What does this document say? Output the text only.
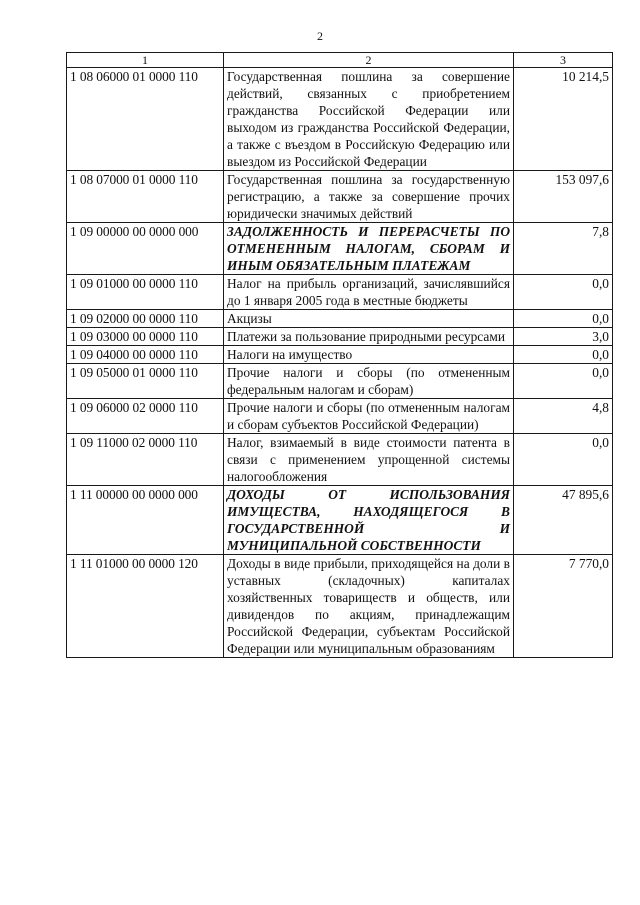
2
1	2	3
1 08 06000 01 0000 110	Государственная пошлина за совершение действий, связанных с приобретением гражданства Российской Федерации или выходом из гражданства Российской Федерации, а также с въездом в Российскую Федерацию или выездом из Российской Федерации	10 214,5
1 08 07000 01 0000 110	Государственная пошлина за государственную регистрацию, а также за совершение прочих юридически значимых действий	153 097,6
1 09 00000 00 0000 000	ЗАДОЛЖЕННОСТЬ И ПЕРЕРАСЧЕТЫ ПО ОТМЕНЕННЫМ НАЛОГАМ, СБОРАМ И ИНЫМ ОБЯЗАТЕЛЬНЫМ ПЛАТЕЖАМ	7,8
1 09 01000 00 0000 110	Налог на прибыль организаций, зачислявшийся до 1 января 2005 года в местные бюджеты	0,0
1 09 02000 00 0000 110	Акцизы	0,0
1 09 03000 00 0000 110	Платежи за пользование природными ресурсами	3,0
1 09 04000 00 0000 110	Налоги на имущество	0,0
1 09 05000 01 0000 110	Прочие налоги и сборы (по отмененным федеральным налогам и сборам)	0,0
1 09 06000 02 0000 110	Прочие налоги и сборы (по отмененным налогам и сборам субъектов Российской Федерации)	4,8
1 09 11000 02 0000 110	Налог, взимаемый в виде стоимости патента в связи с применением упрощенной системы налогообложения	0,0
1 11 00000 00 0000 000	ДОХОДЫ ОТ ИСПОЛЬЗОВАНИЯ ИМУЩЕСТВА, НАХОДЯЩЕГОСЯ В ГОСУДАРСТВЕННОЙ И МУНИЦИПАЛЬНОЙ СОБСТВЕННОСТИ	47 895,6
1 11 01000 00 0000 120	Доходы в виде прибыли, приходящейся на доли в уставных (складочных) капиталах хозяйственных товариществ и обществ, или дивидендов по акциям, принадлежащим Российской Федерации, субъектам Российской Федерации или муниципальным образованиям	7 770,0
